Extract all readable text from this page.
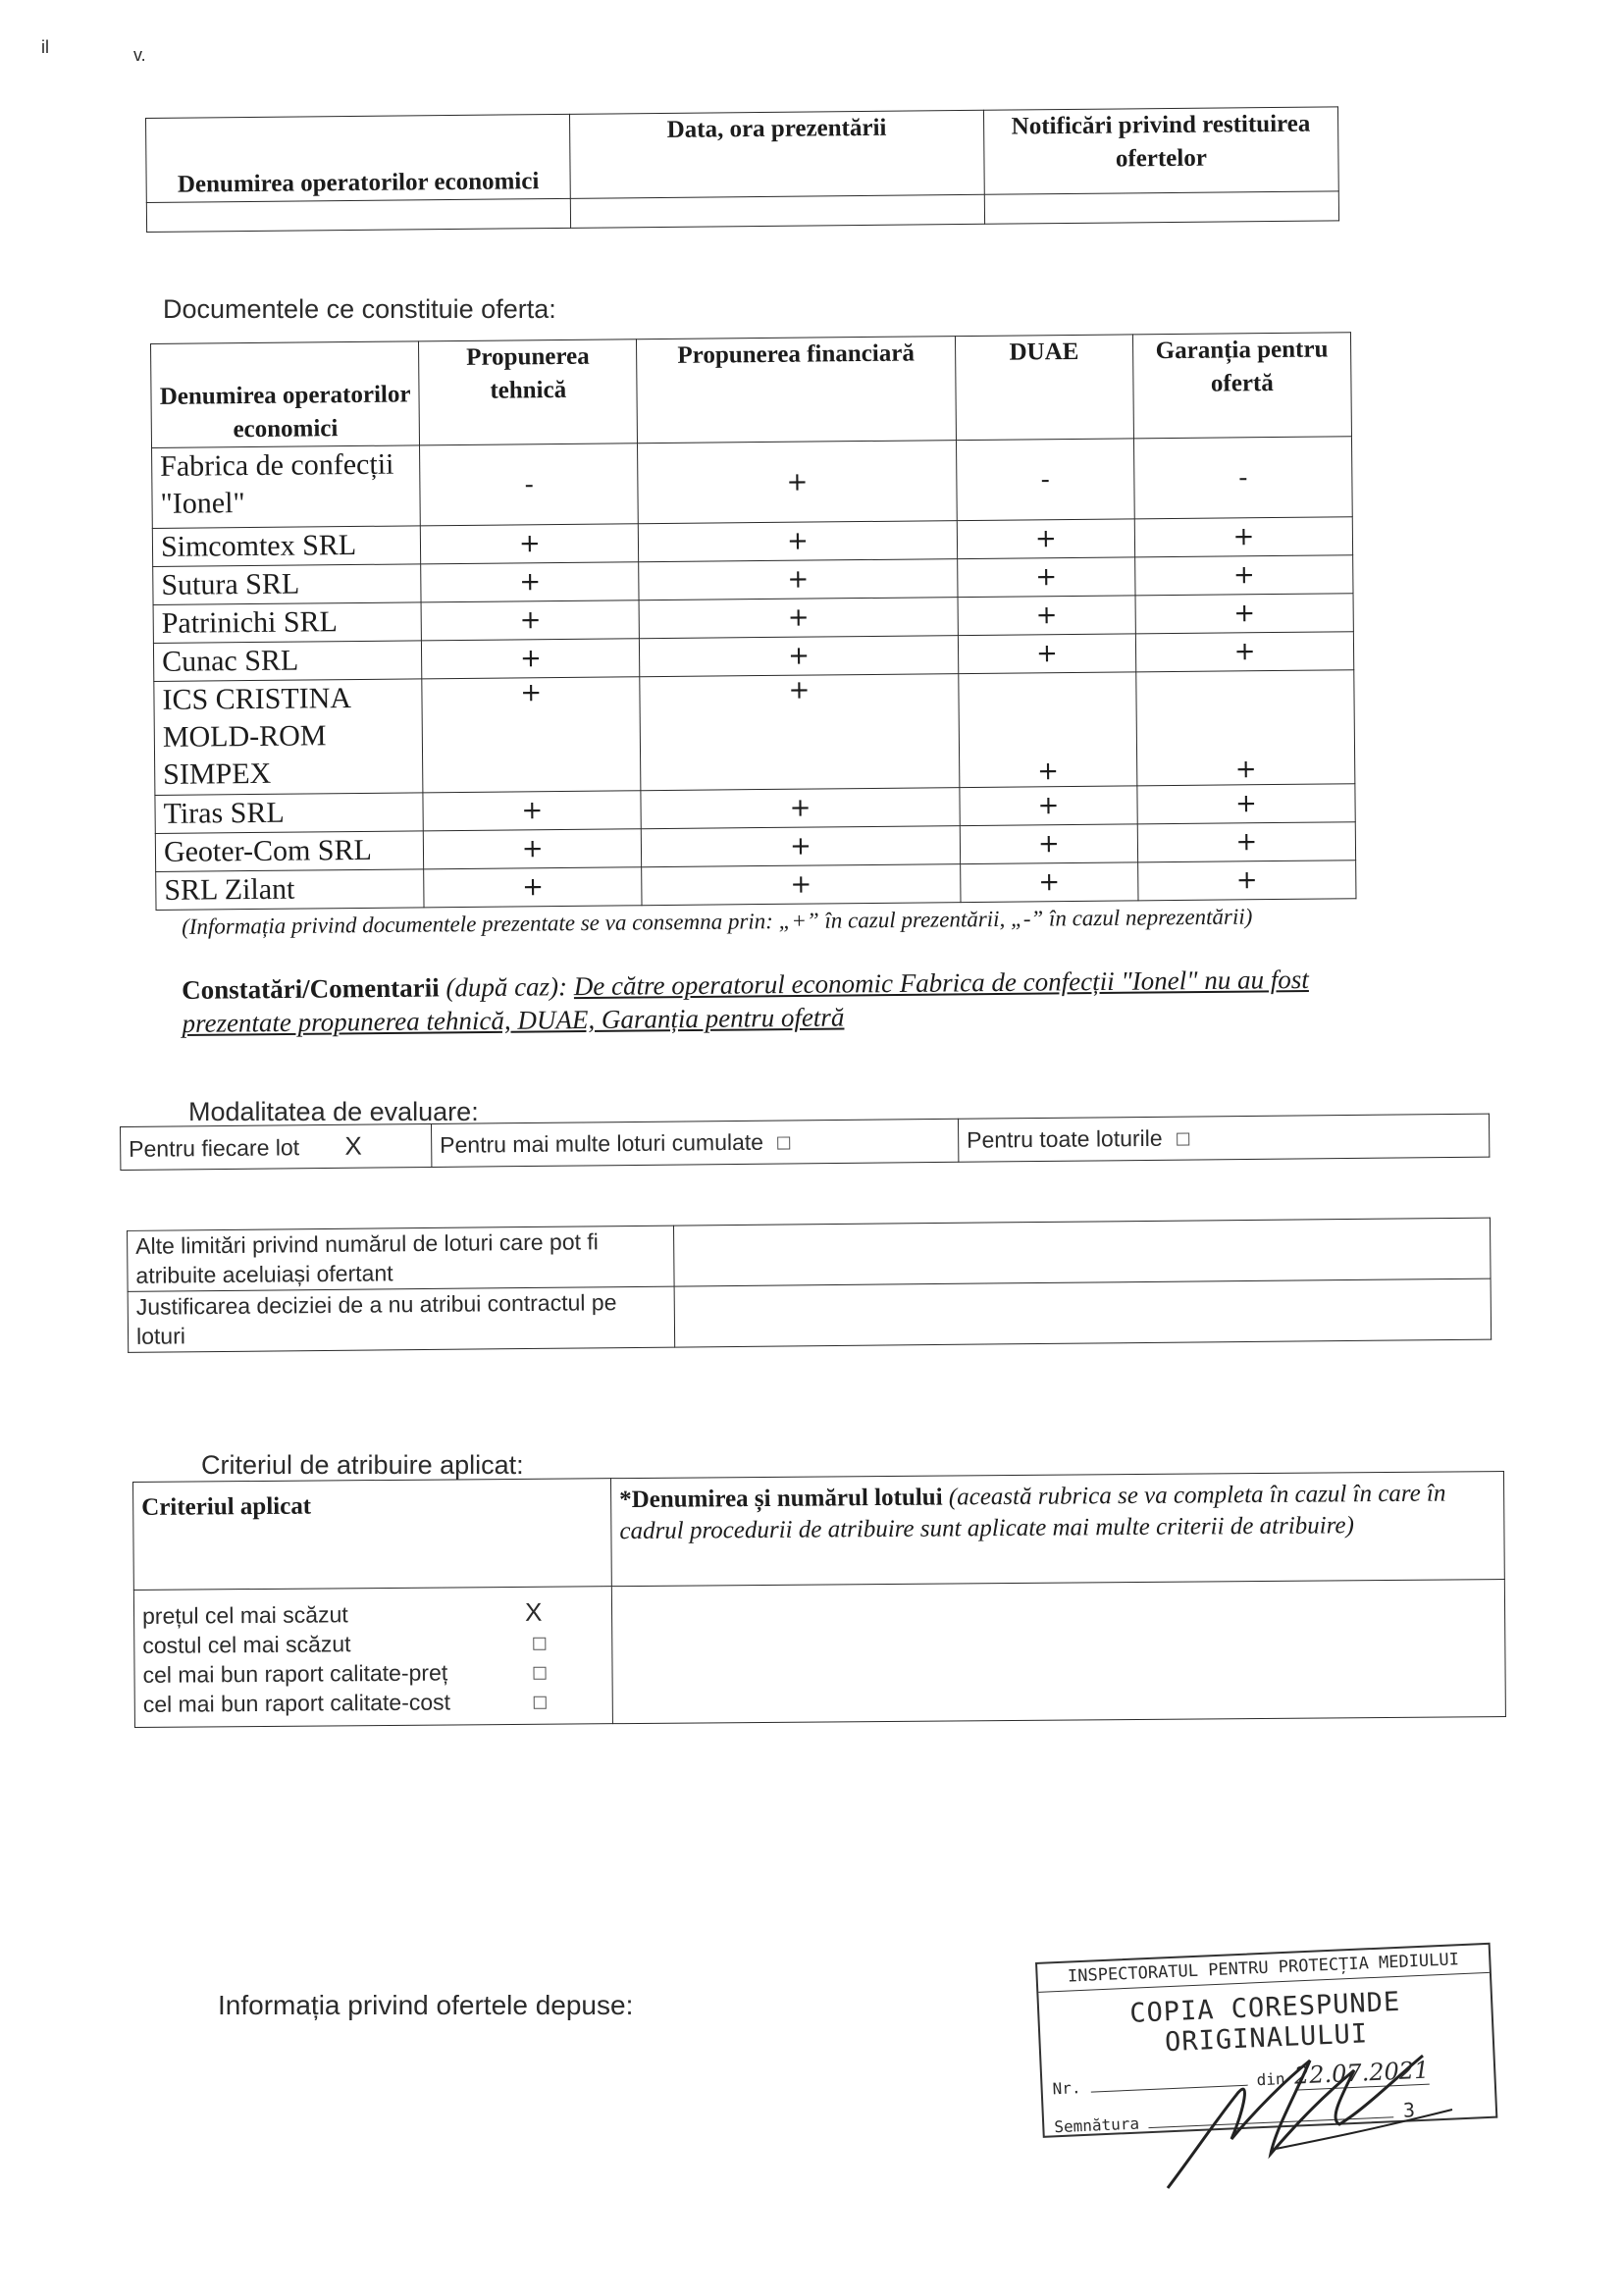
il	v.
Denumirea operatorilor economici	Data, ora prezentării	Notificări privind restituirea ofertelor

Documentele ce constituie oferta:
Denumirea operatorilor economici	Propunerea tehnică	Propunerea financiară	DUAE	Garanția pentru ofertă
Fabrica de confecții "Ionel"	-	+	-	-
Simcomtex SRL	+	+	+	+
Sutura SRL	+	+	+	+
Patrinichi SRL	+	+	+	+
Cunac SRL	+	+	+	+
ICS CRISTINA MOLD-ROM SIMPEX	+	+	+	+
Tiras SRL	+	+	+	+
Geoter-Com SRL	+	+	+	+
SRL Zilant	+	+	+	+
(Informația privind documentele prezentate se va consemna prin: „+” în cazul prezentării, „-” în cazul neprezentării)
Constatări/Comentarii (după caz): De către operatorul economic Fabrica de confecții "Ionel" nu au fost prezentate propunerea tehnică, DUAE, Garanția pentru ofetră
Modalitatea de evaluare:
Pentru fiecare lot X	Pentru mai multe loturi cumulate	Pentru toate loturile
Alte limitări privind numărul de loturi care pot fi atribuite aceluiași ofertant	
Justificarea deciziei de a nu atribui contractul pe loturi	
Criteriul de atribuire aplicat:
Criteriul aplicat	*Denumirea și numărul lotului (această rubrica se va completa în cazul în care în cadrul procedurii de atribuire sunt aplicate mai multe criterii de atribuire)

prețul cel mai scăzut X
costul cel mai scăzut
cel mai bun raport calitate-preț
cel mai bun raport calitate-cost	

Informația privind ofertele depuse:
INSPECTORATUL PENTRU PROTECȚIA MEDIULUI
COPIA CORESPUNDE ORIGINALULUI
Nr.	din 22.07.2021
Semnătura  3
